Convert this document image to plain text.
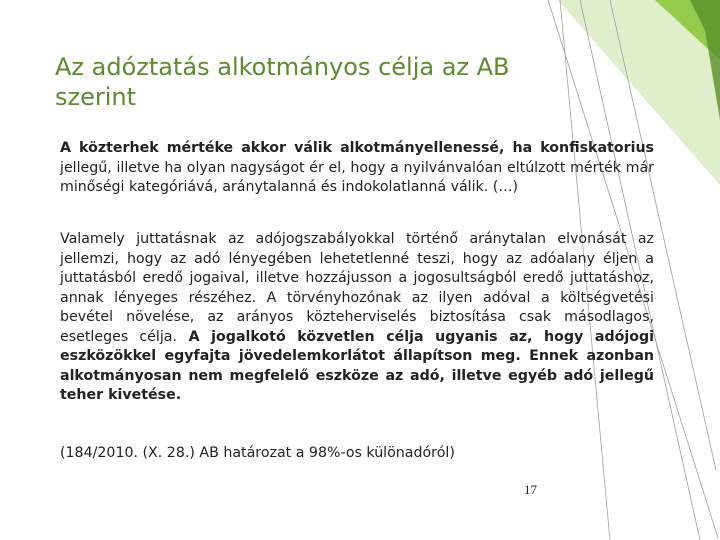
Az adóztatás alkotmányos célja az AB szerint
A közterhek mértéke akkor válik alkotmányellenessé, ha konfiskatorius jellegű, illetve ha olyan nagyságot ér el, hogy a nyilvánvalóan eltúlzott mérték már minőségi kategóriává, aránytalanná és indokolatlanná válik. (…)
Valamely juttatásnak az adójogszabályokkal történő aránytalan elvonását az jellemzi, hogy az adó lényegében lehetetlenné teszi, hogy az adóalany éljen a juttatásból eredő jogaival, illetve hozzájusson a jogosultságból eredő juttatáshoz, annak lényeges részéhez. A törvényhozónak az ilyen adóval a költségvetési bevétel növelése, az arányos közteherviselés biztosítása csak másodlagos, esetleges célja. A jogalkotó közvetlen célja ugyanis az, hogy adójogi eszközökkel egyfajta jövedelemkorlátot állapítson meg. Ennek azonban alkotmányosan nem megfelelő eszköze az adó, illetve egyéb adó jellegű teher kivetése.
(184/2010. (X. 28.) AB határozat a 98%-os különadóról)
17
